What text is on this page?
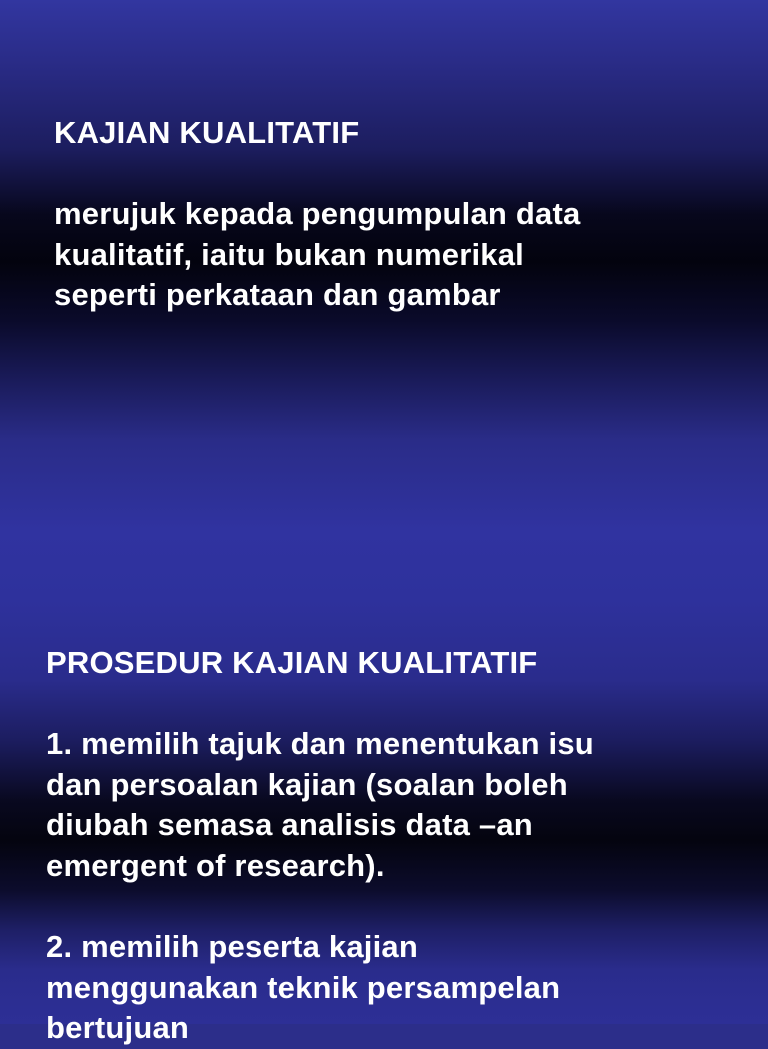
KAJIAN KUALITATIF

merujuk kepada pengumpulan data
kualitatif, iaitu bukan numerikal
seperti perkataan dan gambar

PROSEDUR KAJIAN KUALITATIF

1. memilih tajuk dan menentukan isu
dan persoalan kajian (soalan boleh
diubah semasa analisis data –an
emergent of research).

2. memilih peserta kajian
menggunakan teknik persampelan
bertujuan
